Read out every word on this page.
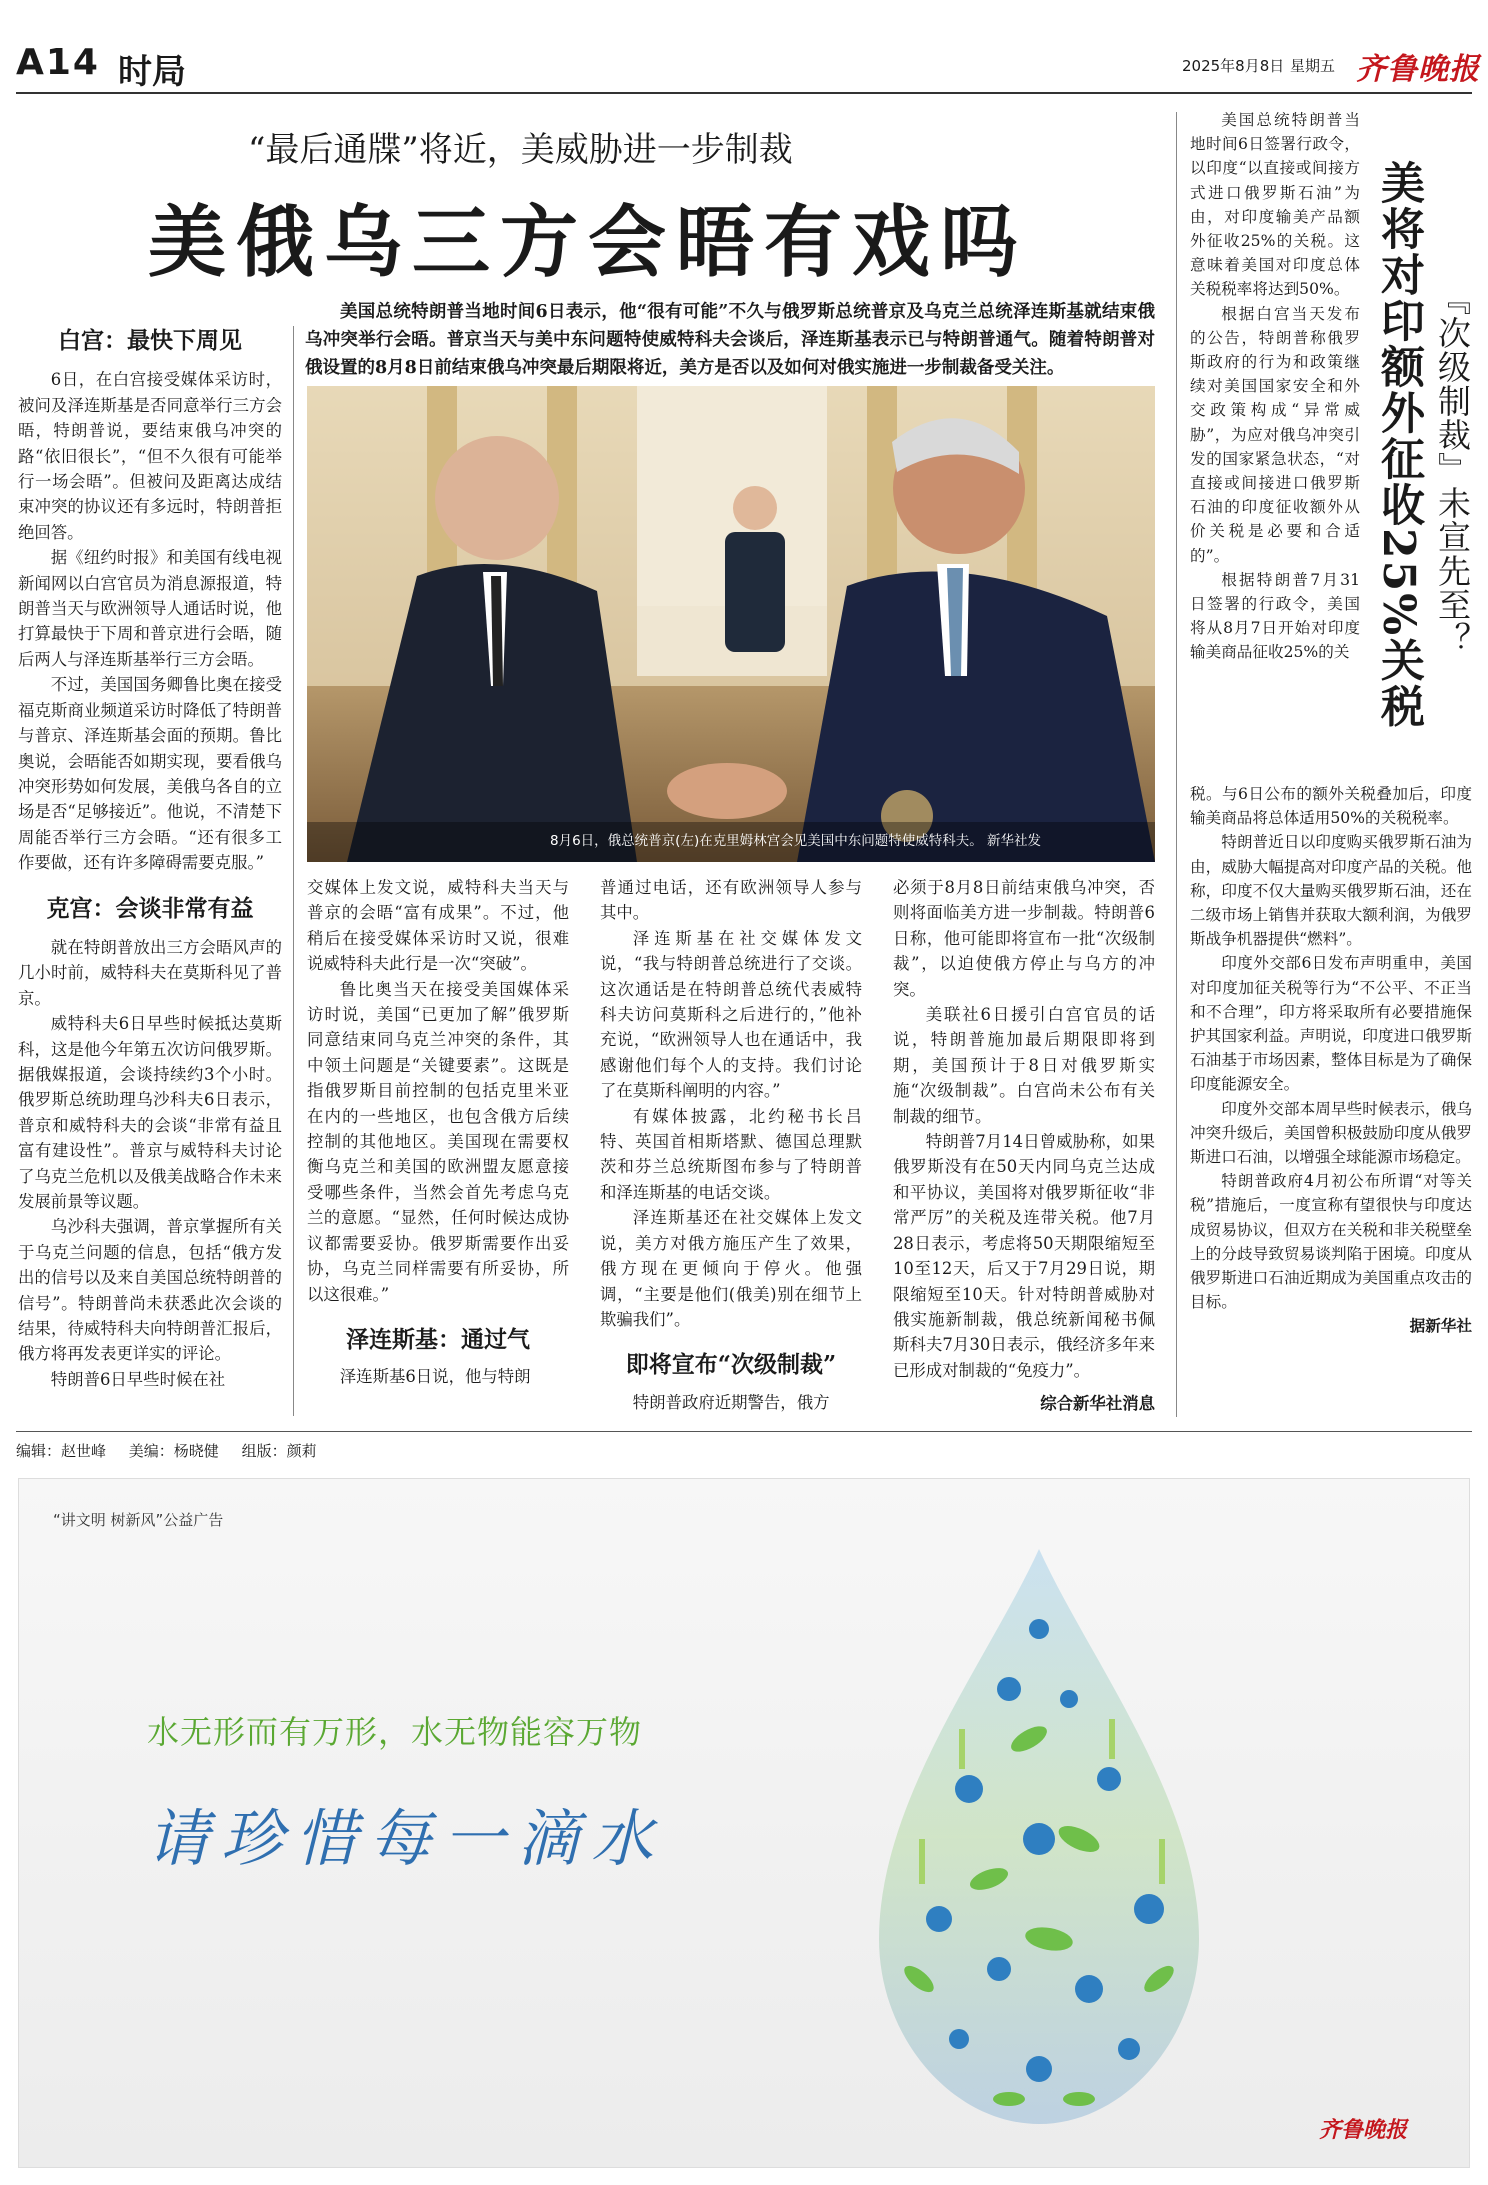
A14 时局	2025年8月8日 星期五 齐鲁晚报
“最后通牒”将近，美威胁进一步制裁
美俄乌三方会晤有戏吗
美国总统特朗普当地时间6日表示，他“很有可能”不久与俄罗斯总统普京及乌克兰总统泽连斯基就结束俄乌冲突举行会晤。普京当天与美中东问题特使威特科夫会谈后，泽连斯基表示已与特朗普通气。随着特朗普对俄设置的8月8日前结束俄乌冲突最后期限将近，美方是否以及如何对俄实施进一步制裁备受关注。
8月6日，俄总统普京(左)在克里姆林宫会见美国中东问题特使威特科夫。 新华社发
白宫：最快下周见

6日，在白宫接受媒体采访时，被问及泽连斯基是否同意举行三方会晤，特朗普说，要结束俄乌冲突的路“依旧很长”，“但不久很有可能举行一场会晤”。但被问及距离达成结束冲突的协议还有多远时，特朗普拒绝回答。

据《纽约时报》和美国有线电视新闻网以白宫官员为消息源报道，特朗普当天与欧洲领导人通话时说，他打算最快于下周和普京进行会晤，随后两人与泽连斯基举行三方会晤。

不过，美国国务卿鲁比奥在接受福克斯商业频道采访时降低了特朗普与普京、泽连斯基会面的预期。鲁比奥说，会晤能否如期实现，要看俄乌冲突形势如何发展，美俄乌各自的立场是否“足够接近”。他说，不清楚下周能否举行三方会晤。“还有很多工作要做，还有许多障碍需要克服。”

克宫：会谈非常有益

就在特朗普放出三方会晤风声的几小时前，威特科夫在莫斯科见了普京。

威特科夫6日早些时候抵达莫斯科，这是他今年第五次访问俄罗斯。据俄媒报道，会谈持续约3个小时。俄罗斯总统助理乌沙科夫6日表示，普京和威特科夫的会谈“非常有益且富有建设性”。普京与威特科夫讨论了乌克兰危机以及俄美战略合作未来发展前景等议题。

乌沙科夫强调，普京掌握所有关于乌克兰问题的信息，包括“俄方发出的信号以及来自美国总统特朗普的信号”。特朗普尚未获悉此次会谈的结果，待威特科夫向特朗普汇报后，俄方将再发表更详实的评论。

特朗普6日早些时候在社

交媒体上发文说，威特科夫当天与普京的会晤“富有成果”。不过，他稍后在接受媒体采访时又说，很难说威特科夫此行是一次“突破”。

鲁比奥当天在接受美国媒体采访时说，美国“已更加了解”俄罗斯同意结束同乌克兰冲突的条件，其中领土问题是“关键要素”。这既是指俄罗斯目前控制的包括克里米亚在内的一些地区，也包含俄方后续控制的其他地区。美国现在需要权衡乌克兰和美国的欧洲盟友愿意接受哪些条件，当然会首先考虑乌克兰的意愿。“显然，任何时候达成协议都需要妥协。俄罗斯需要作出妥协，乌克兰同样需要有所妥协，所以这很难。”

泽连斯基：通过气

泽连斯基6日说，他与特朗

普通过电话，还有欧洲领导人参与其中。

泽连斯基在社交媒体发文说，“我与特朗普总统进行了交谈。这次通话是在特朗普总统代表威特科夫访问莫斯科之后进行的，”他补充说，“欧洲领导人也在通话中，我感谢他们每个人的支持。我们讨论了在莫斯科阐明的内容。”

有媒体披露，北约秘书长吕特、英国首相斯塔默、德国总理默茨和芬兰总统斯图布参与了特朗普和泽连斯基的电话交谈。

泽连斯基还在社交媒体上发文说，美方对俄方施压产生了效果，俄方现在更倾向于停火。他强调，“主要是他们(俄美)别在细节上欺骗我们”。

即将宣布“次级制裁”

特朗普政府近期警告，俄方

必须于8月8日前结束俄乌冲突，否则将面临美方进一步制裁。特朗普6日称，他可能即将宣布一批“次级制裁”，以迫使俄方停止与乌方的冲突。

美联社6日援引白宫官员的话说，特朗普施加最后期限即将到期，美国预计于8日对俄罗斯实施“次级制裁”。白宫尚未公布有关制裁的细节。

特朗普7月14日曾威胁称，如果俄罗斯没有在50天内同乌克兰达成和平协议，美国将对俄罗斯征收“非常严厉”的关税及连带关税。他7月28日表示，考虑将50天期限缩短至10至12天，后又于7月29日说，期限缩短至10天。针对特朗普威胁对俄实施新制裁，俄总统新闻秘书佩斯科夫7月30日表示，俄经济多年来已形成对制裁的“免疫力”。

综合新华社消息
美将对印额外征收25%关税 『次级制裁』未宣先至？

美国总统特朗普当地时间6日签署行政令，以印度“以直接或间接方式进口俄罗斯石油”为由，对印度输美产品额外征收25%的关税。这意味着美国对印度总体关税税率将达到50%。

根据白宫当天发布的公告，特朗普称俄罗斯政府的行为和政策继续对美国国家安全和外交政策构成“异常威胁”，为应对俄乌冲突引发的国家紧急状态，“对直接或间接进口俄罗斯石油的印度征收额外从价关税是必要和合适的”。

根据特朗普7月31日签署的行政令，美国将从8月7日开始对印度输美商品征收25%的关

税。与6日公布的额外关税叠加后，印度输美商品将总体适用50%的关税税率。

特朗普近日以印度购买俄罗斯石油为由，威胁大幅提高对印度产品的关税。他称，印度不仅大量购买俄罗斯石油，还在二级市场上销售并获取大额利润，为俄罗斯战争机器提供“燃料”。

印度外交部6日发布声明重申，美国对印度加征关税等行为“不公平、不正当和不合理”，印方将采取所有必要措施保护其国家利益。声明说，印度进口俄罗斯石油基于市场因素，整体目标是为了确保印度能源安全。

印度外交部本周早些时候表示，俄乌冲突升级后，美国曾积极鼓励印度从俄罗斯进口石油，以增强全球能源市场稳定。

特朗普政府4月初公布所谓“对等关税”措施后，一度宣称有望很快与印度达成贸易协议，但双方在关税和非关税壁垒上的分歧导致贸易谈判陷于困境。印度从俄罗斯进口石油近期成为美国重点攻击的目标。

据新华社
编辑：赵世峰 美编：杨晓健 组版：颜莉
“讲文明 树新风”公益广告
水无形而有万形，水无物能容万物
请珍惜每一滴水
齐鲁晚报
